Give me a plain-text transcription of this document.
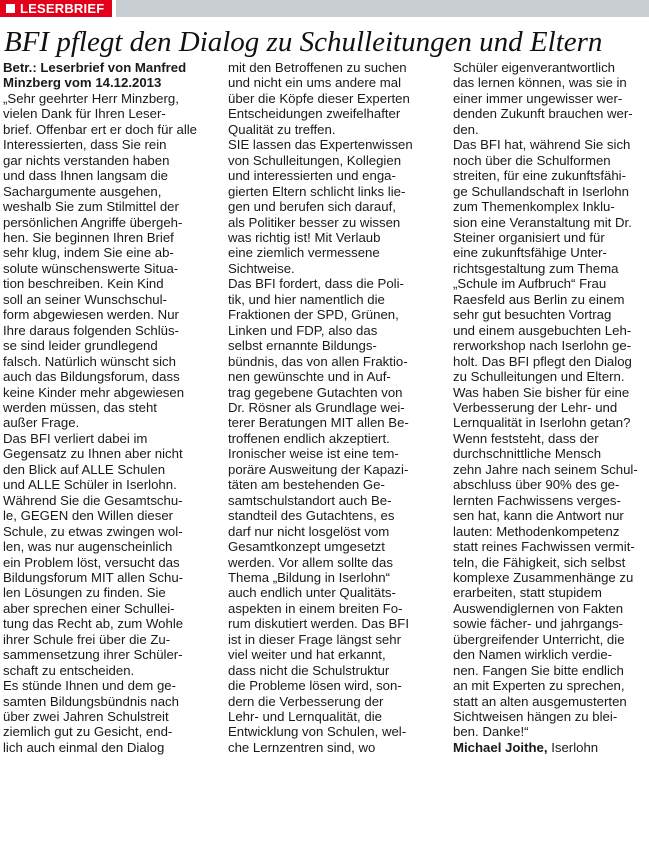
LESERBRIEF
BFI pflegt den Dialog zu Schulleitungen und Eltern
Betr.: Leserbrief von Manfred
Minzberg vom 14.12.2013
„Sehr geehrter Herr Minzberg,
vielen Dank für Ihren Leser-
brief. Offenbar ert er doch für alle
Interessierten, dass Sie rein
gar nichts verstanden haben
und dass Ihnen langsam die
Sachargumente ausgehen,
weshalb Sie zum Stilmittel der
persönlichen Angriffe übergeh-
hen. Sie beginnen Ihren Brief
sehr klug, indem Sie eine ab-
solute wünschenswerte Situa-
tion beschreiben. Kein Kind
soll an seiner Wunschschul-
form abgewiesen werden. Nur
Ihre daraus folgenden Schlüs-
se sind leider grundlegend
falsch. Natürlich wünscht sich
auch das Bildungsforum, dass
keine Kinder mehr abgewiesen
werden müssen, das steht
außer Frage.
Das BFI verliert dabei im
Gegensatz zu Ihnen aber nicht
den Blick auf ALLE Schulen
und ALLE Schüler in Iserlohn.
Während Sie die Gesamtschu-
le, GEGEN den Willen dieser
Schule, zu etwas zwingen wol-
len, was nur augenscheinlich
ein Problem löst, versucht das
Bildungsforum MIT allen Schu-
len Lösungen zu finden. Sie
aber sprechen einer Schullei-
tung das Recht ab, zum Wohle
ihrer Schule frei über die Zu-
sammensetzung ihrer Schüler-
schaft zu entscheiden.
Es stünde Ihnen und dem ge-
samten Bildungsbündnis nach
über zwei Jahren Schulstreit
ziemlich gut zu Gesicht, end-
lich auch einmal den Dialog
mit den Betroffenen zu suchen
und nicht ein ums andere mal
über die Köpfe dieser Experten
Entscheidungen zweifelhafter
Qualität zu treffen.
SIE lassen das Expertenwissen
von Schulleitungen, Kollegien
und interessierten und enga-
gierten Eltern schlicht links lie-
gen und berufen sich darauf,
als Politiker besser zu wissen
was richtig ist! Mit Verlaub
eine ziemlich vermessene
Sichtweise.
Das BFI fordert, dass die Poli-
tik, und hier namentlich die
Fraktionen der SPD, Grünen,
Linken und FDP, also das
selbst ernannte Bildungs-
bündnis, das von allen Fraktio-
nen gewünschte und in Auf-
trag gegebene Gutachten von
Dr. Rösner als Grundlage wei-
terer Beratungen MIT allen Be-
troffenen endlich akzeptiert.
Ironischer weise ist eine tem-
poräre Ausweitung der Kapazi-
täten am bestehenden Ge-
samtschulstandort auch Be-
standteil des Gutachtens, es
darf nur nicht losgelöst vom
Gesamtkonzept umgesetzt
werden. Vor allem sollte das
Thema „Bildung in Iserlohn“
auch endlich unter Qualitäts-
aspekten in einem breiten Fo-
rum diskutiert werden. Das BFI
ist in dieser Frage längst sehr
viel weiter und hat erkannt,
dass nicht die Schulstruktur
die Probleme lösen wird, son-
dern die Verbesserung der
Lehr- und Lernqualität, die
Entwicklung von Schulen, wel-
che Lernzentren sind, wo
Schüler eigenverantwortlich
das lernen können, was sie in
einer immer ungewisser wer-
denden Zukunft brauchen wer-
den.
Das BFI hat, während Sie sich
noch über die Schulformen
streiten, für eine zukunftsfähi-
ge Schullandschaft in Iserlohn
zum Themenkomplex Inklu-
sion eine Veranstaltung mit Dr.
Steiner organisiert und für
eine zukunftsfähige Unter-
richtsgestaltung zum Thema
„Schule im Aufbruch“ Frau
Raesfeld aus Berlin zu einem
sehr gut besuchten Vortrag
und einem ausgebuchten Leh-
rerworkshop nach Iserlohn ge-
holt. Das BFI pflegt den Dialog
zu Schulleitungen und Eltern.
Was haben Sie bisher für eine
Verbesserung der Lehr- und
Lernqualität in Iserlohn getan?
Wenn feststeht, dass der
durchschnittliche Mensch
zehn Jahre nach seinem Schul-
abschluss über 90% des ge-
lernten Fachwissens verges-
sen hat, kann die Antwort nur
lauten: Methodenkompetenz
statt reines Fachwissen vermit-
teln, die Fähigkeit, sich selbst
komplexe Zusammenhänge zu
erarbeiten, statt stupidem
Auswendiglernen von Fakten
sowie fächer- und jahrgangs-
übergreifender Unterricht, die
den Namen wirklich verdie-
nen. Fangen Sie bitte endlich
an mit Experten zu sprechen,
statt an alten ausgemusterten
Sichtweisen hängen zu blei-
ben. Danke!“
Michael Joithe, Iserlohn
